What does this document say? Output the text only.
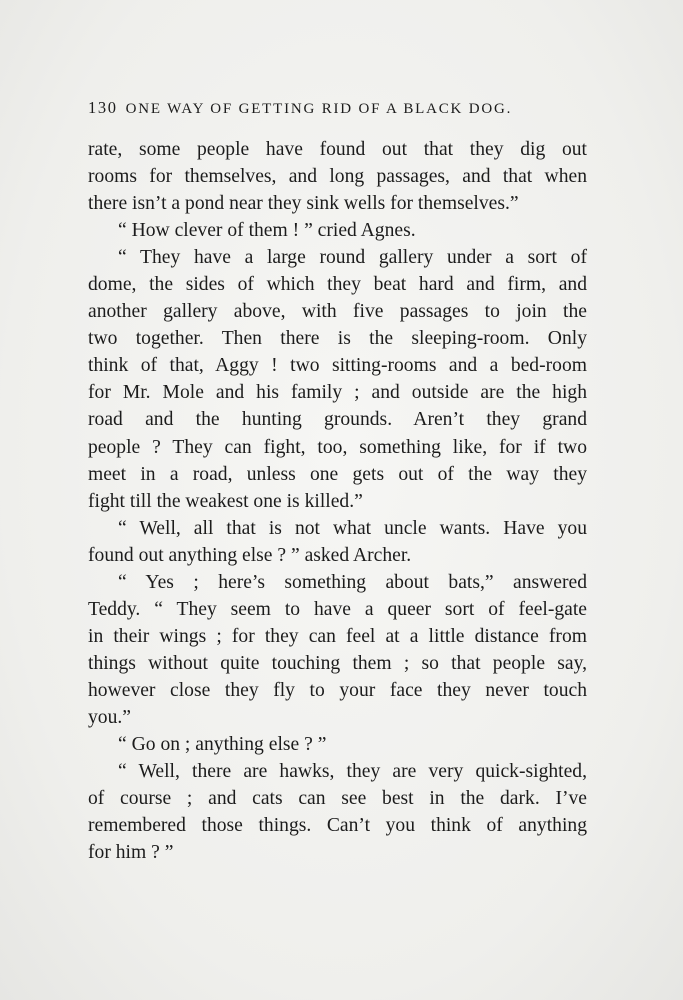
130 ONE WAY OF GETTING RID OF A BLACK DOG.
rate, some people have found out that they dig out
rooms for themselves, and long passages, and that when
there isn’t a pond near they sink wells for themselves.”
“ How clever of them ! ” cried Agnes.
“ They have a large round gallery under a sort of
dome, the sides of which they beat hard and firm, and
another gallery above, with five passages to join the
two together. Then there is the sleeping-room. Only
think of that, Aggy ! two sitting-rooms and a bed-room
for Mr. Mole and his family ; and outside are the high
road and the hunting grounds. Aren’t they grand
people ? They can fight, too, something like, for if two
meet in a road, unless one gets out of the way they
fight till the weakest one is killed.”
“ Well, all that is not what uncle wants. Have you
found out anything else ? ” asked Archer.
“ Yes ; here’s something about bats,” answered
Teddy. “ They seem to have a queer sort of feel-gate
in their wings ; for they can feel at a little distance from
things without quite touching them ; so that people say,
however close they fly to your face they never touch
you.”
“ Go on ; anything else ? ”
“ Well, there are hawks, they are very quick-sighted,
of course ; and cats can see best in the dark. I’ve
remembered those things. Can’t you think of anything
for him ? ”
